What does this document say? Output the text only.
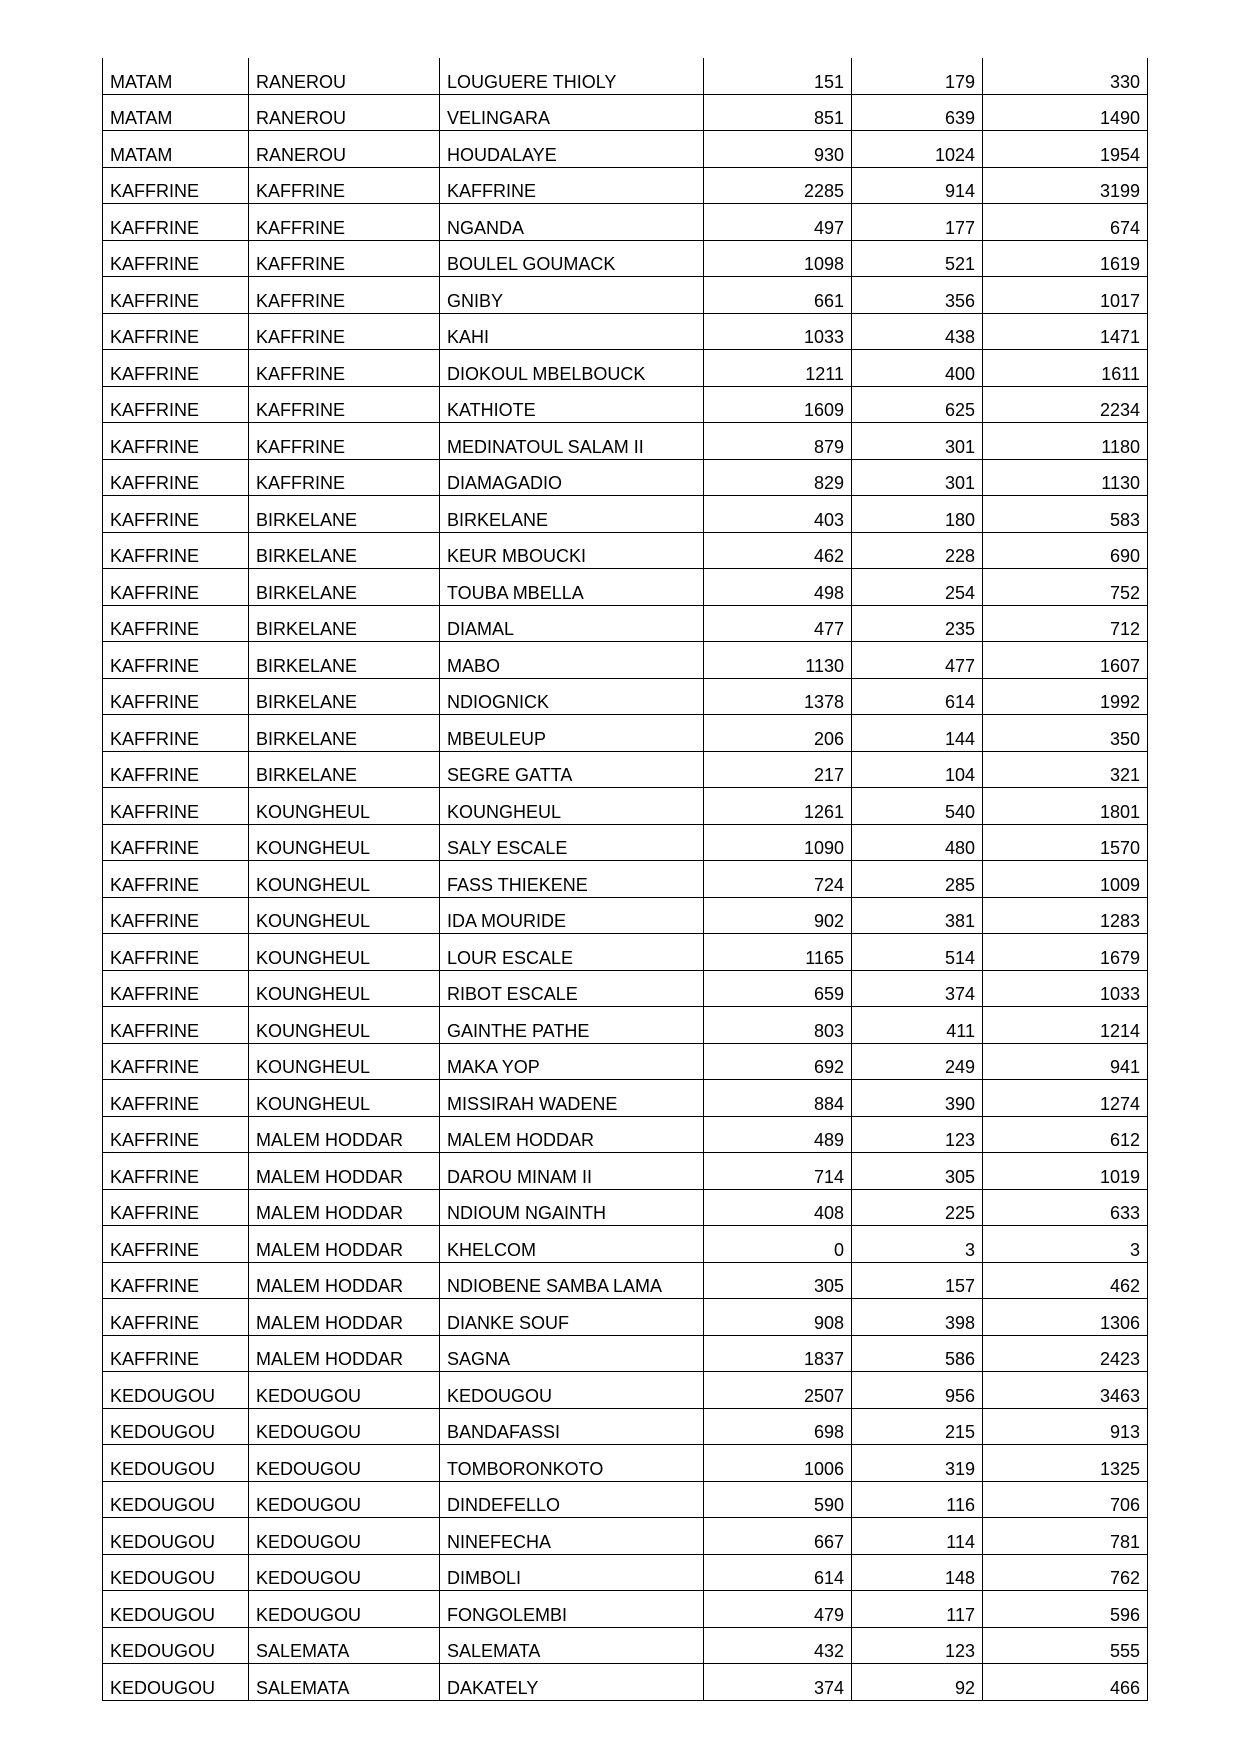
MATAM	RANEROU	LOUGUERE THIOLY	151	179	330
MATAM	RANEROU	VELINGARA	851	639	1490
MATAM	RANEROU	HOUDALAYE	930	1024	1954
KAFFRINE	KAFFRINE	KAFFRINE	2285	914	3199
KAFFRINE	KAFFRINE	NGANDA	497	177	674
KAFFRINE	KAFFRINE	BOULEL GOUMACK	1098	521	1619
KAFFRINE	KAFFRINE	GNIBY	661	356	1017
KAFFRINE	KAFFRINE	KAHI	1033	438	1471
KAFFRINE	KAFFRINE	DIOKOUL MBELBOUCK	1211	400	1611
KAFFRINE	KAFFRINE	KATHIOTE	1609	625	2234
KAFFRINE	KAFFRINE	MEDINATOUL SALAM II	879	301	1180
KAFFRINE	KAFFRINE	DIAMAGADIO	829	301	1130
KAFFRINE	BIRKELANE	BIRKELANE	403	180	583
KAFFRINE	BIRKELANE	KEUR MBOUCKI	462	228	690
KAFFRINE	BIRKELANE	TOUBA MBELLA	498	254	752
KAFFRINE	BIRKELANE	DIAMAL	477	235	712
KAFFRINE	BIRKELANE	MABO	1130	477	1607
KAFFRINE	BIRKELANE	NDIOGNICK	1378	614	1992
KAFFRINE	BIRKELANE	MBEULEUP	206	144	350
KAFFRINE	BIRKELANE	SEGRE GATTA	217	104	321
KAFFRINE	KOUNGHEUL	KOUNGHEUL	1261	540	1801
KAFFRINE	KOUNGHEUL	SALY ESCALE	1090	480	1570
KAFFRINE	KOUNGHEUL	FASS THIEKENE	724	285	1009
KAFFRINE	KOUNGHEUL	IDA MOURIDE	902	381	1283
KAFFRINE	KOUNGHEUL	LOUR ESCALE	1165	514	1679
KAFFRINE	KOUNGHEUL	RIBOT ESCALE	659	374	1033
KAFFRINE	KOUNGHEUL	GAINTHE PATHE	803	411	1214
KAFFRINE	KOUNGHEUL	MAKA YOP	692	249	941
KAFFRINE	KOUNGHEUL	MISSIRAH WADENE	884	390	1274
KAFFRINE	MALEM HODDAR	MALEM HODDAR	489	123	612
KAFFRINE	MALEM HODDAR	DAROU MINAM II	714	305	1019
KAFFRINE	MALEM HODDAR	NDIOUM NGAINTH	408	225	633
KAFFRINE	MALEM HODDAR	KHELCOM	0	3	3
KAFFRINE	MALEM HODDAR	NDIOBENE SAMBA LAMA	305	157	462
KAFFRINE	MALEM HODDAR	DIANKE SOUF	908	398	1306
KAFFRINE	MALEM HODDAR	SAGNA	1837	586	2423
KEDOUGOU	KEDOUGOU	KEDOUGOU	2507	956	3463
KEDOUGOU	KEDOUGOU	BANDAFASSI	698	215	913
KEDOUGOU	KEDOUGOU	TOMBORONKOTO	1006	319	1325
KEDOUGOU	KEDOUGOU	DINDEFELLO	590	116	706
KEDOUGOU	KEDOUGOU	NINEFECHA	667	114	781
KEDOUGOU	KEDOUGOU	DIMBOLI	614	148	762
KEDOUGOU	KEDOUGOU	FONGOLEMBI	479	117	596
KEDOUGOU	SALEMATA	SALEMATA	432	123	555
KEDOUGOU	SALEMATA	DAKATELY	374	92	466
